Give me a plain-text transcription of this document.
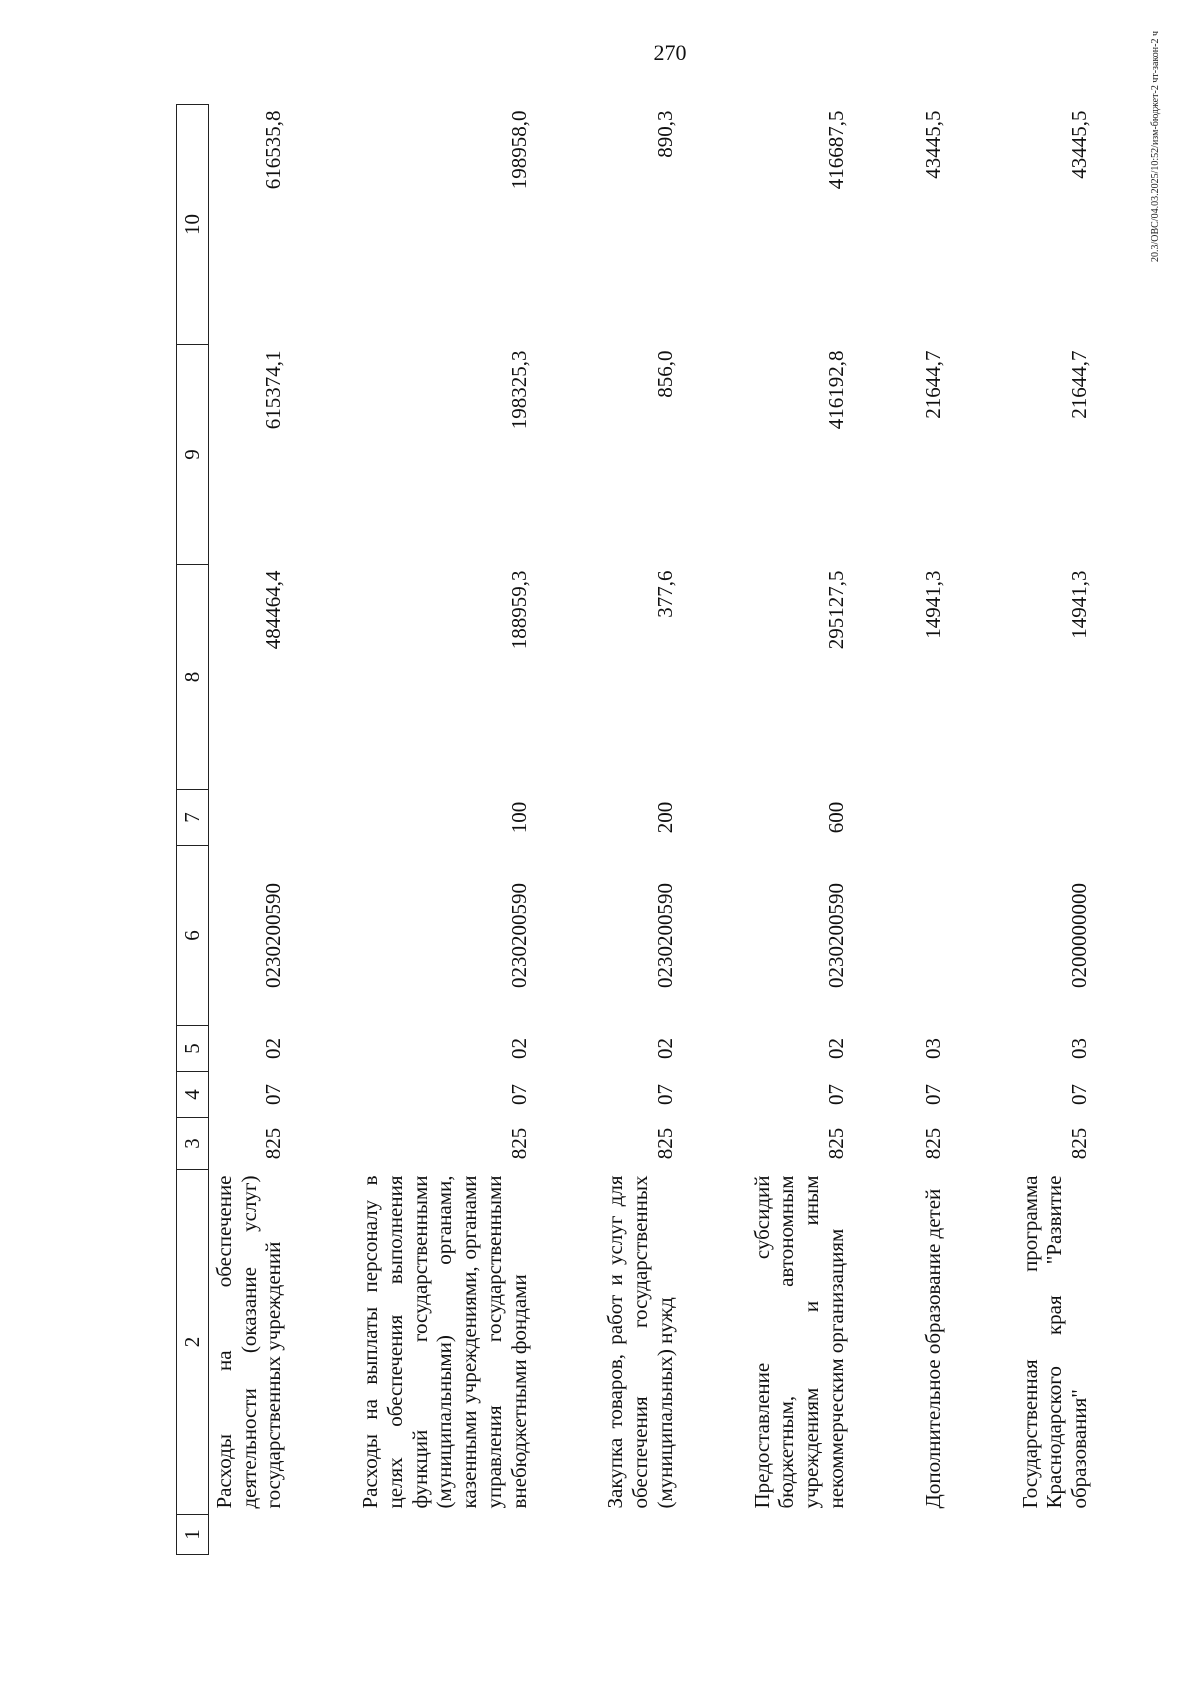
270	20.3/ОВС/04.03.2025/10:52/изм-бюджет-2 чт-закон-2 ч
1	2	3	4	5	6	7	8	9	10
	Расходы на обеспечение деятельности (оказание услуг) государственных учреждений	825	07	02	0230200590		484464,4	615374,1	616535,8

	Расходы на выплаты персоналу в целях обеспечения выполнения функций государственными (муниципальными) органами, казенными учреждениями, органами управления государственными внебюджетными фондами	825	07	02	0230200590	100	188959,3	198325,3	198958,0

	Закупка товаров, работ и услуг для обеспечения государственных (муниципальных) нужд	825	07	02	0230200590	200	377,6	856,0	890,3

	Предоставление субсидий бюджетным, автономным учреждениям и иным некоммерческим организациям	825	07	02	0230200590	600	295127,5	416192,8	416687,5

	Дополнительное образование детей	825	07	03			14941,3	21644,7	43445,5

	Государственная программа Краснодарского края "Развитие образования"	825	07	03	0200000000		14941,3	21644,7	43445,5
